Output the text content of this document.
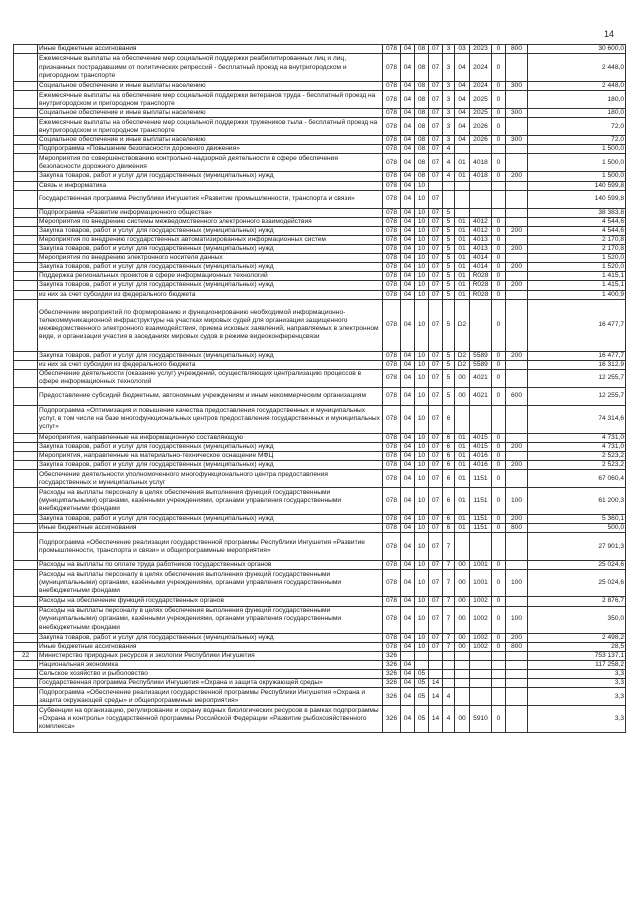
14
	Иные бюджетные ассигнования	078	04	08	07	3	03	2023	0	800	30 600,0
	Ежемесячные выплаты на обеспечение мер социальной поддержки реабилитированных лиц и лиц, признанных пострадавшими от политических репрессий - бесплатный проезд на внутригородском и пригородном транспорте	078	04	08	07	3	04	2024	0		2 448,0
	Социальное обеспечение и иные выплаты населению	078	04	08	07	3	04	2024	0	300	2 448,0
	Ежемесячные выплаты на обеспечение мер социальной поддержки ветеранов труда - бесплатный проезд на внутригородском и пригородном транспорте	078	04	08	07	3	04	2025	0		180,0
	Социальное обеспечение и иные выплаты населению	078	04	08	07	3	04	2025	0	300	180,0
	Ежемесячные выплаты на обеспечение мер социальной поддержки тружеников тыла - бесплатный проезд на внутригородском и пригородном транспорте	078	04	08	07	3	04	2026	0		72,0
	Социальное обеспечение и иные выплаты населению	078	04	08	07	3	04	2026	0	300	72,0
	Подпрограмма «Повышение безопасности дорожного движения»	078	04	08	07	4					1 500,0
	Мероприятия по совершенствованию контрольно-надзорной деятельности в сфере обеспечения безопасности дорожного движения	078	04	08	07	4	01	4018	0		1 500,0
	Закупка товаров, работ и услуг для государственных (муниципальных) нужд	078	04	08	07	4	01	4018	0	200	1 500,0
	Связь и информатика	078	04	10							140 599,8
	Государственная программа Республики Ингушетия «Развитие промышленности, транспорта и связи»	078	04	10	07						140 599,8
	Подпрограмма «Развитие информационного общества»	078	04	10	07	5					38 383,8
	Мероприятия по внедрению системы межведомственного электронного взаимодействия	078	04	10	07	5	01	4012	0		4 544,6
	Закупка товаров, работ и услуг для государственных (муниципальных) нужд	078	04	10	07	5	01	4012	0	200	4 544,6
	Мероприятия по внедрению государственных автоматизированных информационных систем	078	04	10	07	5	01	4013	0		2 170,8
	Закупка товаров, работ и услуг для государственных (муниципальных) нужд	078	04	10	07	5	01	4013	0	200	2 170,8
	Мероприятия по внедрению электронного носителя данных	078	04	10	07	5	01	4014	0		1 520,0
	Закупка товаров, работ и услуг для государственных (муниципальных) нужд	078	04	10	07	5	01	4014	0	200	1 520,0
	Поддержка региональных проектов в сфере информационных технологий	078	04	10	07	5	01	R028	0		1 415,1
	Закупка товаров, работ и услуг для государственных (муниципальных) нужд	078	04	10	07	5	01	R028	0	200	1 415,1
	из них за счет субсидии из федерального бюджета	078	04	10	07	5	01	R028	0		1 400,9
	Обеспечение мероприятий по формированию и функционированию необходимой информационно-телекоммуникационной инфраструктуры на участках мировых судей для организации защищенного межведомственного электронного взаимодействия, приема исковых заявлений, направляемых в электронном виде, и организации участия в заседаниях мировых судов в режиме видеоконференцсвязи	078	04	10	07	5	D2		0		16 477,7
	Закупка товаров, работ и услуг для государственных (муниципальных) нужд	078	04	10	07	5	D2	5589	0	200	16 477,7
	из них за счет субсидии из федерального бюджета	078	04	10	07	5	D2	5589	0		16 312,9
	Обеспечение деятельности (оказание услуг) учреждений, осуществляющих централизацию процессов в сфере информационных технологий	078	04	10	07	5	00	4021	0		12 255,7
	Предоставление субсидий бюджетным, автономным учреждениям и иным некоммерческим организациям	078	04	10	07	5	00	4021	0	600	12 255,7
	Подпрограмма «Оптимизация и повышение качества предоставления государственных и муниципальных услуг, в том числе на базе многофункциональных центров предоставления государственных и муниципальных услуг»	078	04	10	07	6					74 314,6
	Мероприятия, направленные на информационную составляющую	078	04	10	07	6	01	4015	0		4 731,0
	Закупка товаров, работ и услуг для государственных (муниципальных) нужд	078	04	10	07	6	01	4015	0	200	4 731,0
	Мероприятия, направленные на материально-техническое оснащение МФЦ	078	04	10	07	6	01	4016	0		2 523,2
	Закупка товаров, работ и услуг для государственных (муниципальных) нужд	078	04	10	07	6	01	4016	0	200	2 523,2
	Обеспечение деятельности уполномоченного многофункционального центра предоставления государственных и муниципальных услуг	078	04	10	07	6	01	1151	0		67 060,4
	Расходы на выплаты персоналу в целях обеспечения выполнения функций государственными (муниципальными) органами, казёнными учреждениями, органами управления государственными внебюджетными фондами	078	04	10	07	6	01	1151	0	100	61 200,3
	Закупка товаров, работ и услуг для государственных (муниципальных) нужд	078	04	10	07	6	01	1151	0	200	5 360,1
	Иные бюджетные ассигнования	078	04	10	07	6	01	1151	0	800	500,0
	Подпрограмма «Обеспечение реализации государственной программы Республики Ингушетия «Развитие промышленности, транспорта и связи» и общепрограммные мероприятия»	078	04	10	07	7					27 901,3
	Расходы на выплаты по оплате труда работников государственных органов	078	04	10	07	7	00	1001	0		25 024,6
	Расходы на выплаты персоналу в целях обеспечения выполнения функций государственными (муниципальными) органами, казёнными учреждениями, органами управления государственными внебюджетными фондами	078	04	10	07	7	00	1001	0	100	25 024,6
	Расходы на обеспечение функций государственных органов	078	04	10	07	7	00	1002	0		2 876,7
	Расходы на выплаты персоналу в целях обеспечения выполнения функций государственными (муниципальными) органами, казёнными учреждениями, органами управления государственными внебюджетными фондами	078	04	10	07	7	00	1002	0	100	350,0
	Закупка товаров, работ и услуг для государственных (муниципальных) нужд	078	04	10	07	7	00	1002	0	200	2 498,2
	Иные бюджетные ассигнования	078	04	10	07	7	00	1002	0	800	28,5
22	Министерство природных ресурсов и экологии Республики Ингушетия	326									753 137,1
	Национальная экономика	326	04								117 258,2
	Сельское хозяйство и рыболовство	326	04	05							3,3
	Государственная программа Республики Ингушетия «Охрана и защита окружающей среды»	326	04	05	14						3,3
	Подпрограмма «Обеспечение реализации государственной программы Республики Ингушетия «Охрана и защита окружающей среды» и общепрограммные мероприятия»	326	04	05	14	4					3,3
	Субвенции на организацию, регулирование и охрану водных биологических ресурсов в рамках подпрограммы «Охрана и контроль» государственной программы Российской Федерации «Развитие рыбохозяйственного комплекса»	326	04	05	14	4	00	5910	0		3,3
